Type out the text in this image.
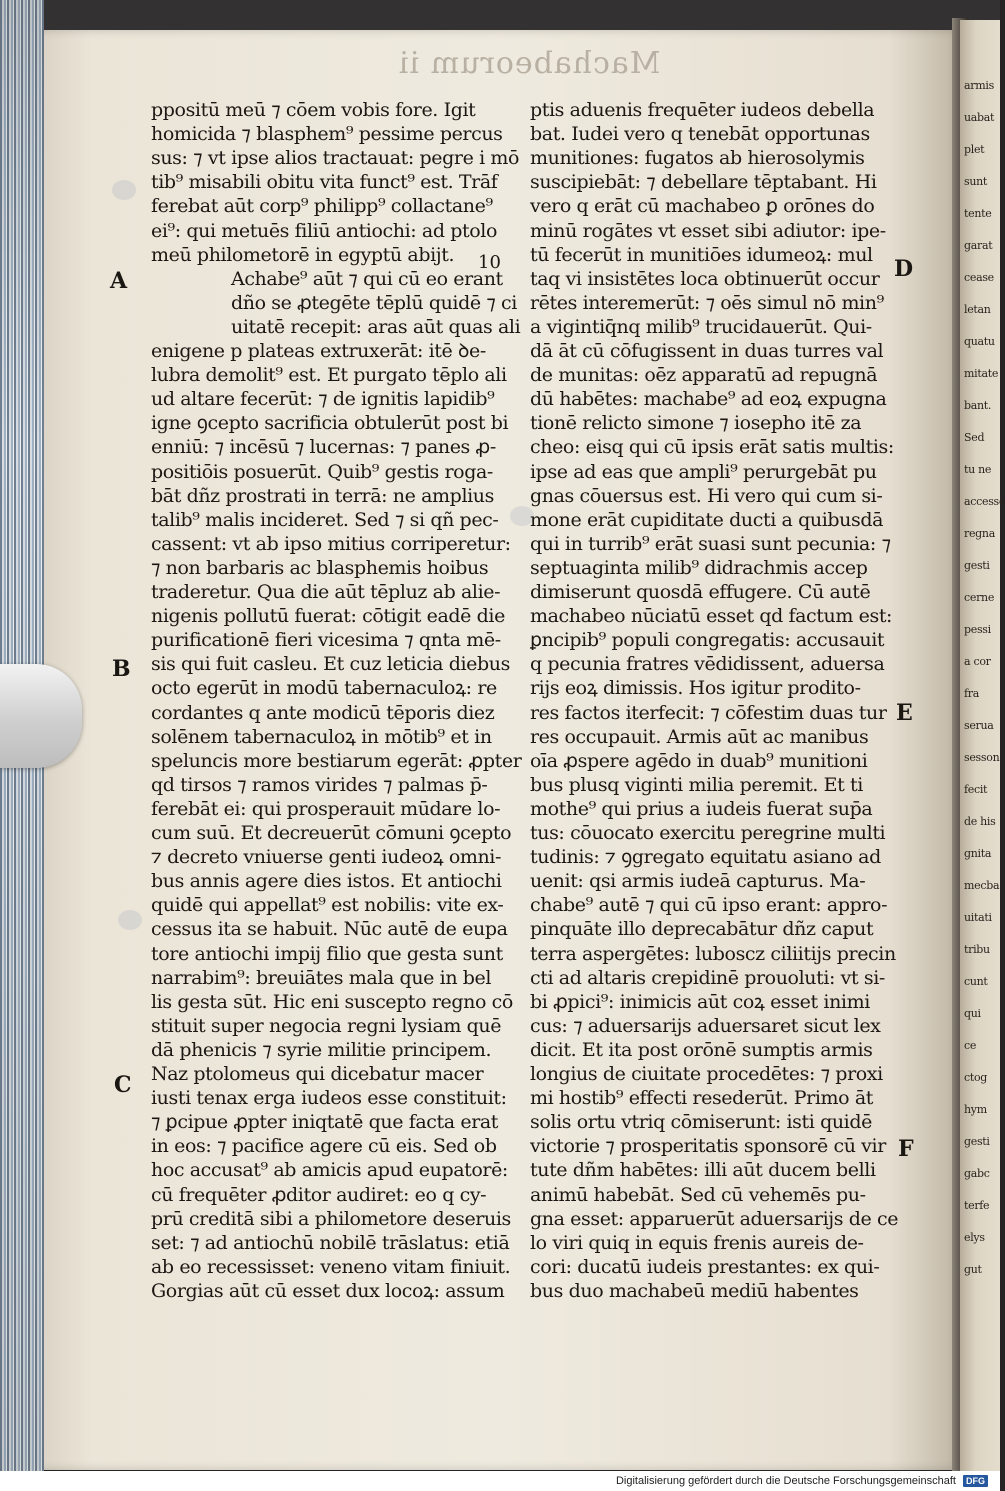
armis
uabat
plet
sunt
tente
garat
cease
letan
quatu
mitate
bant.
Sed
tu ne
accesse
regna
gesti
cerne
pessi
a cor
fra
serua
sesson
fecit
de his
gnita
mecba
uitati
tribu
cunt
qui
ce
ctog
hym
gesti
gabc
terfe
elys
gut
Machabeorum ii
A
B
C
D
E
F
10
ppositū meū ⁊ cōem vobis fore. Igit
homicida ⁊ blasphem⁹ pessime percus
sus: ⁊ vt ipse alios tractauat: pegre i mō
tib⁹ misabili obitu vita funct⁹ est. Trāf
ferebat aūt corp⁹ philipp⁹ collactane⁹
ei⁹: qui metuēs filiū antiochi: ad ptolo
meū philometorē in egyptū abijt.
Achabe⁹ aūt ⁊ qui cū eo erant
dño se ꝓtegēte tēplū quidē ⁊ ci
uitatē recepit: aras aūt quas ali
enigene p plateas extruxerāt: itē ꝺe-
lubra demolit⁹ est. Et purgato tēplo ali
ud altare fecerūt: ⁊ de ignitis lapidib⁹
igne ꝯcepto sacrificia obtulerūt post bi
enniū: ⁊ incēsū ⁊ lucernas: ⁊ panes ꝓ-
positiōis posuerūt. Quib⁹ gestis roga-
bāt dñz prostrati in terrā: ne amplius
talib⁹ malis incideret. Sed ⁊ si qñ pec-
cassent: vt ab ipso mitius corriperetur:
⁊ non barbaris ac blasphemis hoibus
traderetur. Qua die aūt tēpluz ab alie-
nigenis pollutū fuerat: cōtigit eadē die
purificationē fieri vicesima ⁊ qnta mē-
sis qui fuit casleu. Et cuz leticia diebus
octo egerūt in modū tabernaculoꝝ: re
cordantes q ante modicū tēporis diez
solēnem tabernaculoꝝ in mōtib⁹ et in
speluncis more bestiarum egerāt: ꝓpter
qd tirsos ⁊ ramos virides ⁊ palmas p̄-
ferebāt ei: qui prosperauit mūdare lo-
cum suū. Et decreuerūt cōmuni ꝯcepto
⁊ decreto vniuerse genti iudeoꝝ omni-
bus annis agere dies istos. Et antiochi
quidē qui appellat⁹ est nobilis: vite ex-
cessus ita se habuit. Nūc autē de eupa
tore antiochi impij filio que gesta sunt
narrabim⁹: breuiātes mala que in bel
lis gesta sūt. Hic eni suscepto regno cō
stituit super negocia regni lysiam quē
dā phenicis ⁊ syrie militie principem.
Naz ptolomeus qui dicebatur macer
iusti tenax erga iudeos esse constituit:
⁊ ꝑcipue ꝓpter iniqtatē que facta erat
in eos: ⁊ pacifice agere cū eis. Sed ob
hoc accusat⁹ ab amicis apud eupatorē:
cū frequēter ꝓditor audiret: eo q cy-
prū creditā sibi a philometore deseruis
set: ⁊ ad antiochū nobilē trāslatus: etiā
ab eo recessisset: veneno vitam finiuit.
Gorgias aūt cū esset dux locoꝝ: assum
ptis aduenis frequēter iudeos debella
bat. Iudei vero q tenebāt opportunas
munitiones: fugatos ab hierosolymis
suscipiebāt: ⁊ debellare tēptabant. Hi
vero q erāt cū machabeo ꝑ orōnes do
minū rogātes vt esset sibi adiutor: ipe-
tū fecerūt in munitiōes idumeoꝝ: mul
taq vi insistētes loca obtinuerūt occur
rētes interemerūt: ⁊ oēs simul nō min⁹
a vigintiq̄nq milib⁹ trucidauerūt. Qui-
dā āt cū cōfugissent in duas turres val
de munitas: oēz apparatū ad repugnā
dū habētes: machabe⁹ ad eoꝝ expugna
tionē relicto simone ⁊ iosepho itē za
cheo: eisq qui cū ipsis erāt satis multis:
ipse ad eas que ampli⁹ perurgebāt pu
gnas cōuersus est. Hi vero qui cum si-
mone erāt cupiditate ducti a quibusdā
qui in turrib⁹ erāt suasi sunt pecunia: ⁊
septuaginta milib⁹ didrachmis accep
dimiserunt quosdā effugere. Cū autē
machabeo nūciatū esset qd factum est:
ꝑncipib⁹ populi congregatis: accusauit
q pecunia fratres vēdidissent, aduersa
rijs eoꝝ dimissis. Hos igitur prodito-
res factos iterfecit: ⁊ cōfestim duas tur
res occupauit. Armis aūt ac manibus
oīa ꝓspere agēdo in duab⁹ munitioni
bus plusq viginti milia peremit. Et ti
mothe⁹ qui prius a iudeis fuerat sup̄a
tus: cōuocato exercitu peregrine multi
tudinis: ⁊ ꝯgregato equitatu asiano ad
uenit: qsi armis iudeā capturus. Ma-
chabe⁹ autē ⁊ qui cū ipso erant: appro-
pinquāte illo deprecabātur dñz caput
terra aspergētes: luboscz ciliitijs precin
cti ad altaris crepidinē prouoluti: vt si-
bi ꝓpici⁹: inimicis aūt coꝝ esset inimi
cus: ⁊ aduersarijs aduersaret sicut lex
dicit. Et ita post orōnē sumptis armis
longius de ciuitate procedētes: ⁊ proxi
mi hostib⁹ effecti resederūt. Primo āt
solis ortu vtriq cōmiserunt: isti quidē
victorie ⁊ prosperitatis sponsorē cū vir
tute dñm habētes: illi aūt ducem belli
animū habebāt. Sed cū vehemēs pu-
gna esset: apparuerūt aduersarijs de ce
lo viri quiq in equis frenis aureis de-
cori: ducatū iudeis prestantes: ex qui-
bus duo machabeū mediū habentes
Digitalisierung gefördert durch die Deutsche Forschungsgemeinschaft DFG
